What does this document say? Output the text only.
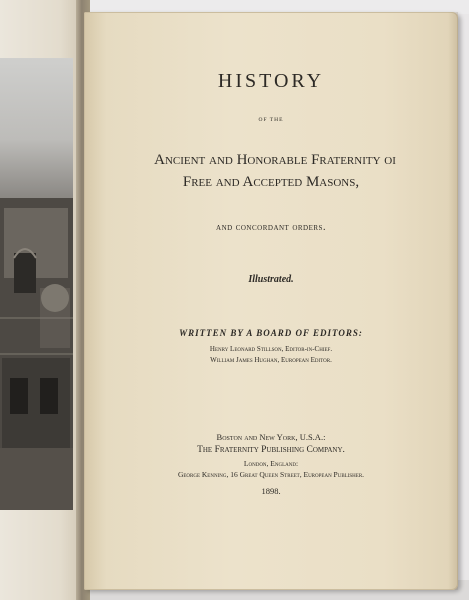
HISTORY
OF THE
Ancient and Honorable Fraternity oi
Free and Accepted Masons,
and concordant orders.
Illustrated.
WRITTEN BY A BOARD OF EDITORS:
Henry Leonard Stillson, Editor-in-Chief.
William James Hughan, European Editor.
Boston and New York, U.S.A.:
The Fraternity Publishing Company.
London, England:
George Kenning, 16 Great Queen Street, European Publisher.
1898.
